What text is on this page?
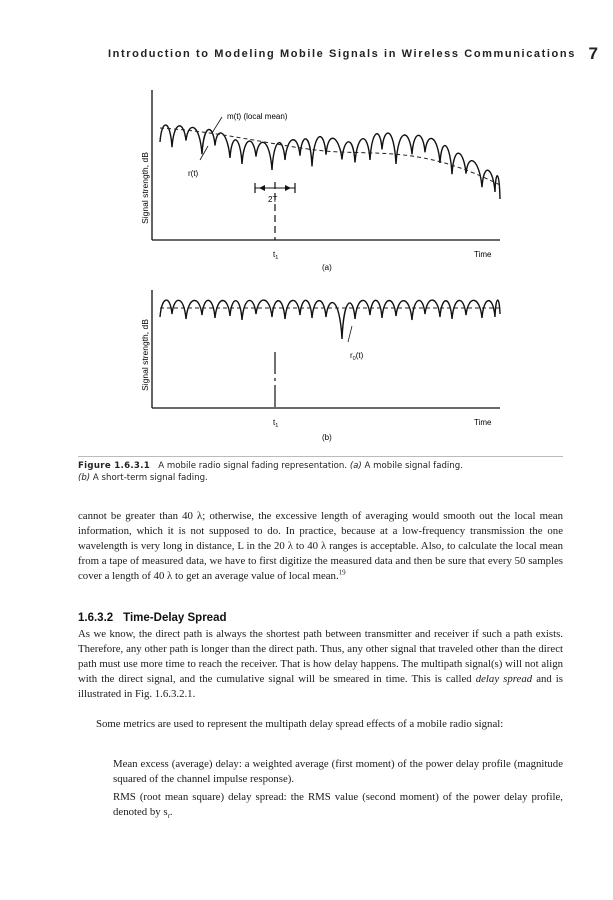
Introduction to Modeling Mobile Signals in Wireless Communications 7
Signal strength, dB
m(t) (local mean)
r(t)
2T
$t_1$	Time
(a)
Signal strength, dB	$r_0(t)$
$t_1$	Time
(b)
Figure 1.6.3.1 A mobile radio signal fading representation. (a) A mobile signal fading.
(b) A short-term signal fading.

cannot be greater than 40 λ; otherwise, the excessive length of averaging would smooth out the local mean information, which it is not supposed to do. In practice, because at a low-frequency transmission the one wavelength is very long in distance, L in the 20 λ to 40 λ ranges is acceptable. Also, to calculate the local mean from a tape of measured data, we have to first digitize the measured data and then be sure that every 50 samples cover a length of 40 λ to get an average value of local mean.$^{19}$

1.6.3.2 Time-Delay Spread

As we know, the direct path is always the shortest path between transmitter and receiver if such a path exists. Therefore, any other path is longer than the direct path. Thus, any other signal that traveled other than the direct path must use more time to reach the receiver. That is how delay happens. The multipath signal(s) will not align with the direct signal, and the cumulative signal will be smeared in time. This is called delay spread and is illustrated in Fig. 1.6.3.2.1.

Some metrics are used to represent the multipath delay spread effects of a mobile radio signal:

Mean excess (average) delay: a weighted average (first moment) of the power delay profile (magnitude squared of the channel impulse response).

RMS (root mean square) delay spread: the RMS value (second moment) of the power delay profile, denoted by $s_r$.
